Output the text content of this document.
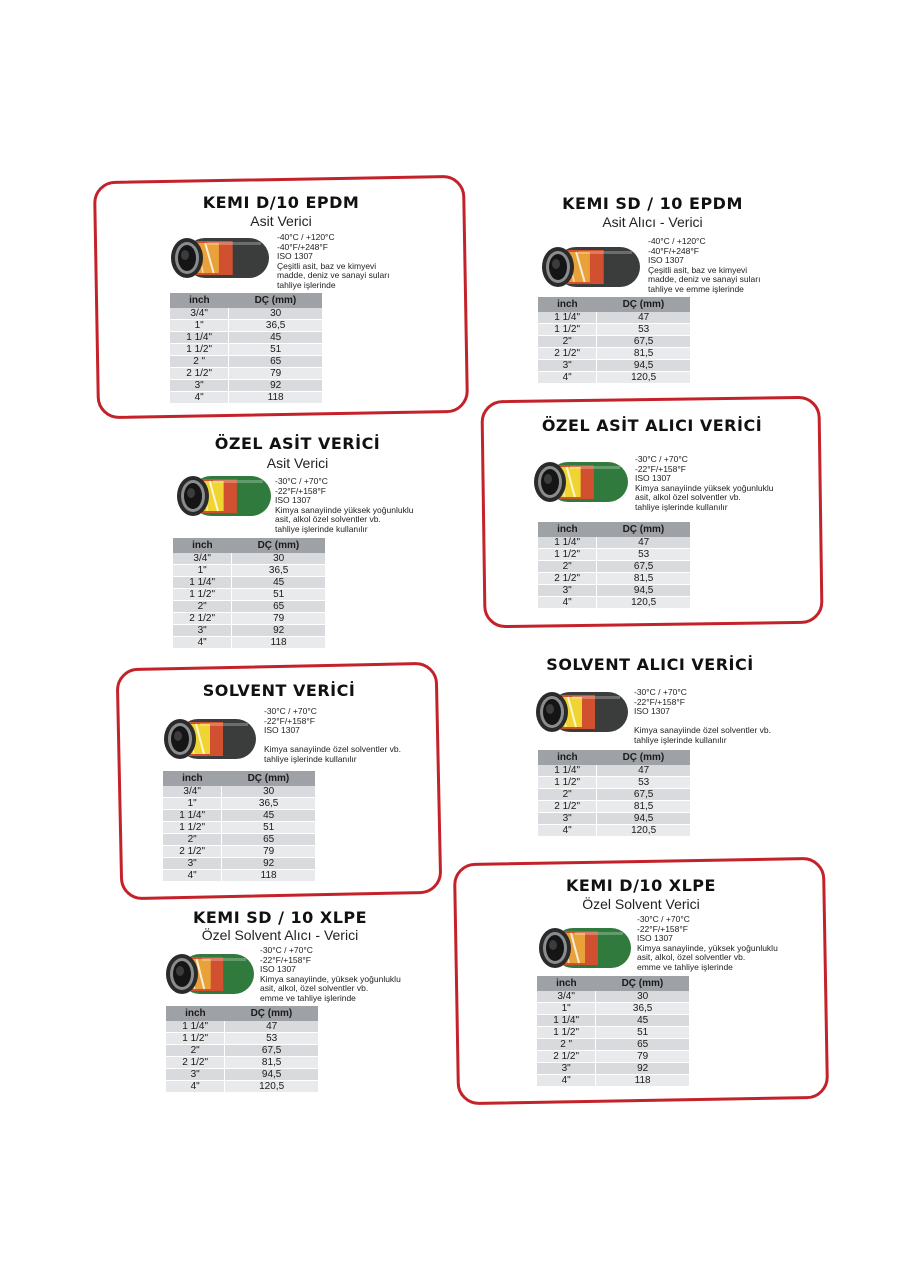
KEMI D/10 EPDM
Asit Verici
-40°C / +120°C
-40°F/+248°F
ISO 1307
Çeşitli asit, baz ve kimyevi
madde, deniz ve sanayi suları
tahliye işlerinde
inch	DÇ (mm)
3/4"	30
1"	36,5
1 1/4"	45
1 1/2"	51
2 "	65
2 1/2"	79
3"	92
4"	118
KEMI SD / 10 EPDM
Asit Alıcı - Verici
-40°C / +120°C
-40°F/+248°F
ISO 1307
Çeşitli asit, baz ve kimyevi
madde, deniz ve sanayi suları
tahliye ve emme işlerinde
inch	DÇ (mm)
1 1/4"	47
1 1/2"	53
2"	67,5
2 1/2"	81,5
3"	94,5
4"	120,5
ÖZEL ASİT VERİCİ
Asit Verici
-30°C / +70°C
-22°F/+158°F
ISO 1307
Kimya sanayiinde yüksek yoğunluklu
asit, alkol özel solventler vb.
tahliye işlerinde kullanılır
inch	DÇ (mm)
3/4"	30
1"	36,5
1 1/4"	45
1 1/2"	51
2"	65
2 1/2"	79
3"	92
4"	118
ÖZEL ASİT ALICI VERİCİ
-30°C / +70°C
-22°F/+158°F
ISO 1307
Kimya sanayiinde yüksek yoğunluklu
asit, alkol özel solventler vb.
tahliye işlerinde kullanılır
inch	DÇ (mm)
1 1/4"	47
1 1/2"	53
2"	67,5
2 1/2"	81,5
3"	94,5
4"	120,5
SOLVENT VERİCİ
-30°C / +70°C
-22°F/+158°F
ISO 1307

Kimya sanayiinde özel solventler vb.
tahliye işlerinde kullanılır
inch	DÇ (mm)
3/4"	30
1"	36,5
1 1/4"	45
1 1/2"	51
2"	65
2 1/2"	79
3"	92
4"	118
SOLVENT ALICI VERİCİ
-30°C / +70°C
-22°F/+158°F
ISO 1307

Kimya sanayiinde özel solventler vb.
tahliye işlerinde kullanılır
inch	DÇ (mm)
1 1/4"	47
1 1/2"	53
2"	67,5
2 1/2"	81,5
3"	94,5
4"	120,5
KEMI SD / 10 XLPE
Özel Solvent Alıcı - Verici
-30°C / +70°C
-22°F/+158°F
ISO 1307
Kimya sanayiinde, yüksek yoğunluklu
asit, alkol, özel solventler vb.
emme ve tahliye işlerinde
inch	DÇ (mm)
1 1/4"	47
1 1/2"	53
2"	67,5
2 1/2"	81,5
3"	94,5
4"	120,5
KEMI D/10 XLPE
Özel Solvent Verici
-30°C / +70°C
-22°F/+158°F
ISO 1307
Kimya sanayiinde, yüksek yoğunluklu
asit, alkol, özel solventler vb.
emme ve tahliye işlerinde
inch	DÇ (mm)
3/4"	30
1"	36,5
1 1/4"	45
1 1/2"	51
2 "	65
2 1/2"	79
3"	92
4"	118
